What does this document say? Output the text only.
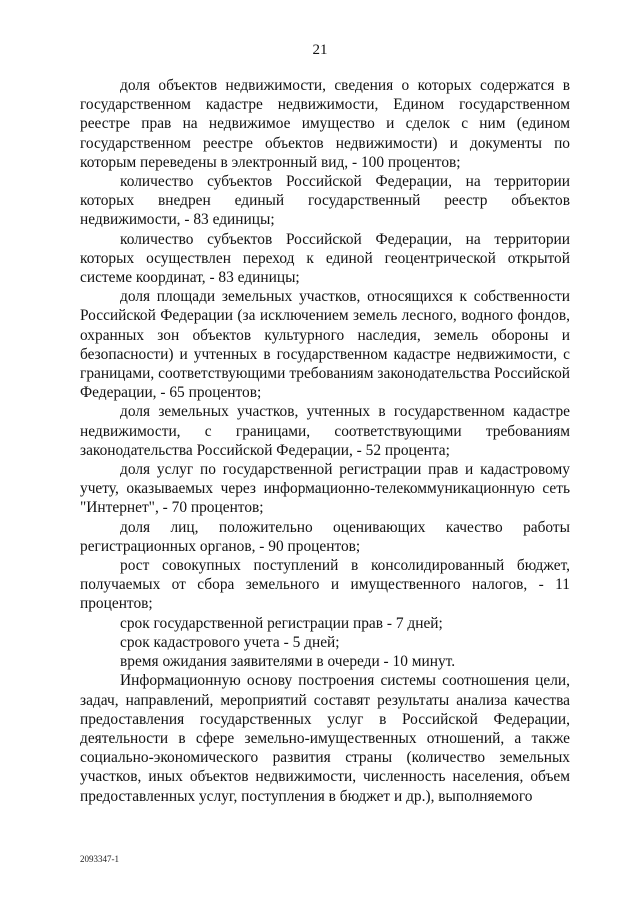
21

доля объектов недвижимости, сведения о которых содержатся в государственном кадастре недвижимости, Едином государственном реестре прав на недвижимое имущество и сделок с ним (едином государственном реестре объектов недвижимости) и документы по которым переведены в электронный вид, - 100 процентов;

количество субъектов Российской Федерации, на территории которых внедрен единый государственный реестр объектов недвижимости, - 83 единицы;

количество субъектов Российской Федерации, на территории которых осуществлен переход к единой геоцентрической открытой системе координат, - 83 единицы;

доля площади земельных участков, относящихся к собственности Российской Федерации (за исключением земель лесного, водного фондов, охранных зон объектов культурного наследия, земель обороны и безопасности) и учтенных в государственном кадастре недвижимости, с границами, соответствующими требованиям законодательства Российской Федерации, - 65 процентов;

доля земельных участков, учтенных в государственном кадастре недвижимости, с границами, соответствующими требованиям законодательства Российской Федерации, - 52 процента;

доля услуг по государственной регистрации прав и кадастровому учету, оказываемых через информационно-телекоммуникационную сеть "Интернет", - 70 процентов;

доля лиц, положительно оценивающих качество работы регистрационных органов, - 90 процентов;

рост совокупных поступлений в консолидированный бюджет, получаемых от сбора земельного и имущественного налогов, - 11 процентов;

срок государственной регистрации прав - 7 дней;

срок кадастрового учета - 5 дней;

время ожидания заявителями в очереди - 10 минут.

Информационную основу построения системы соотношения цели, задач, направлений, мероприятий составят результаты анализа качества предоставления государственных услуг в Российской Федерации, деятельности в сфере земельно-имущественных отношений, а также социально-экономического развития страны (количество земельных участков, иных объектов недвижимости, численность населения, объем предоставленных услуг, поступления в бюджет и др.), выполняемого

2093347-1
